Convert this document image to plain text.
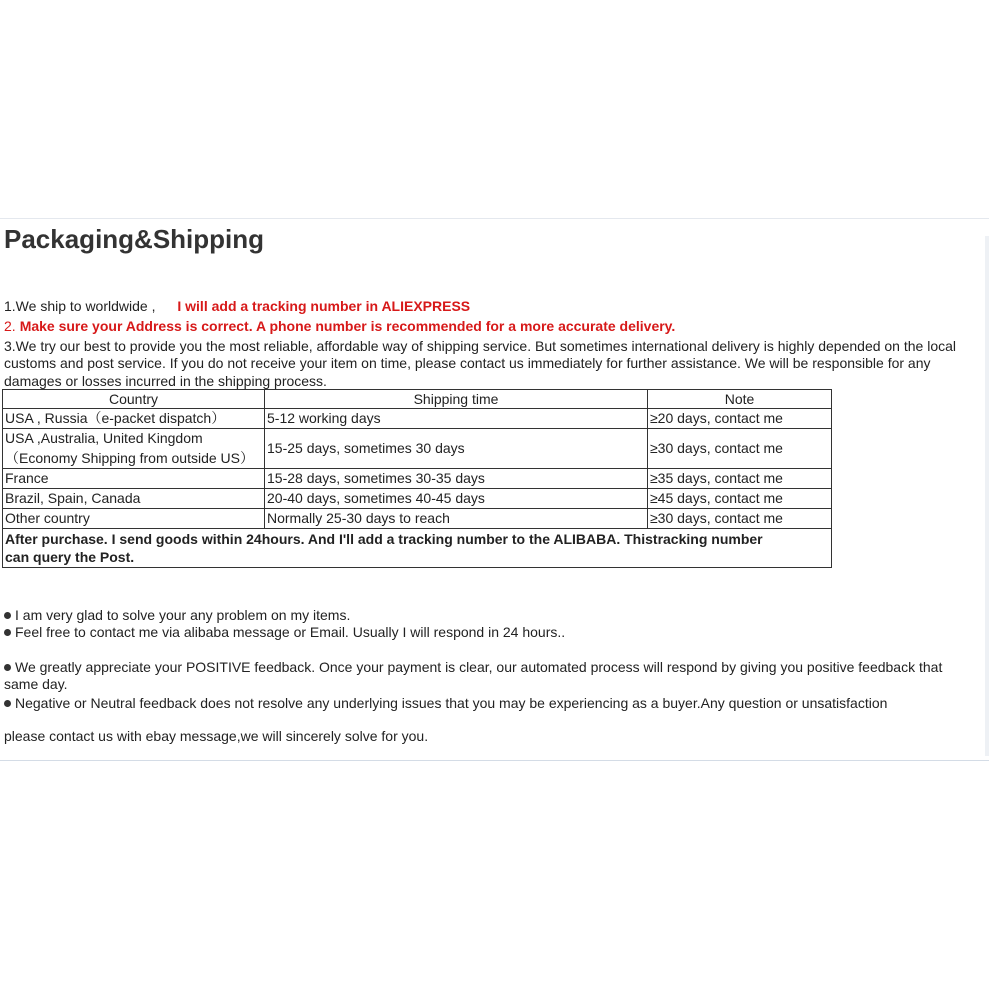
Packaging&Shipping

1.We ship to worldwide , I will add a tracking number in ALIEXPRESS

2. Make sure your Address is correct. A phone number is recommended for a more accurate delivery.

3.We try our best to provide you the most reliable, affordable way of shipping service. But sometimes international delivery is highly depended on the local customs and post service. If you do not receive your item on time, please contact us immediately for further assistance. We will be responsible for any damages or losses incurred in the shipping process.

Country	Shipping time	Note
USA , Russia（e-packet dispatch）	5-12 working days	≥20 days, contact me
USA ,Australia, United Kingdom（Economy Shipping from outside US）	15-25 days, sometimes 30 days	≥30 days, contact me
France	15-28 days, sometimes 30-35 days	≥35 days, contact me
Brazil, Spain, Canada	20-40 days, sometimes 40-45 days	≥45 days, contact me
Other country	Normally 25-30 days to reach	≥30 days, contact me

After purchase. I send goods within 24hours. And I'll add a tracking number to the ALIBABA. Thistracking number can query the Post.		

I am very glad to solve your any problem on my items.

Feel free to contact me via alibaba message or Email. Usually I will respond in 24 hours..

We greatly appreciate your POSITIVE feedback. Once your payment is clear, our automated process will respond by giving you positive feedback that same day.

Negative or Neutral feedback does not resolve any underlying issues that you may be experiencing as a buyer.Any question or unsatisfaction

please contact us with ebay message,we will sincerely solve for you.
